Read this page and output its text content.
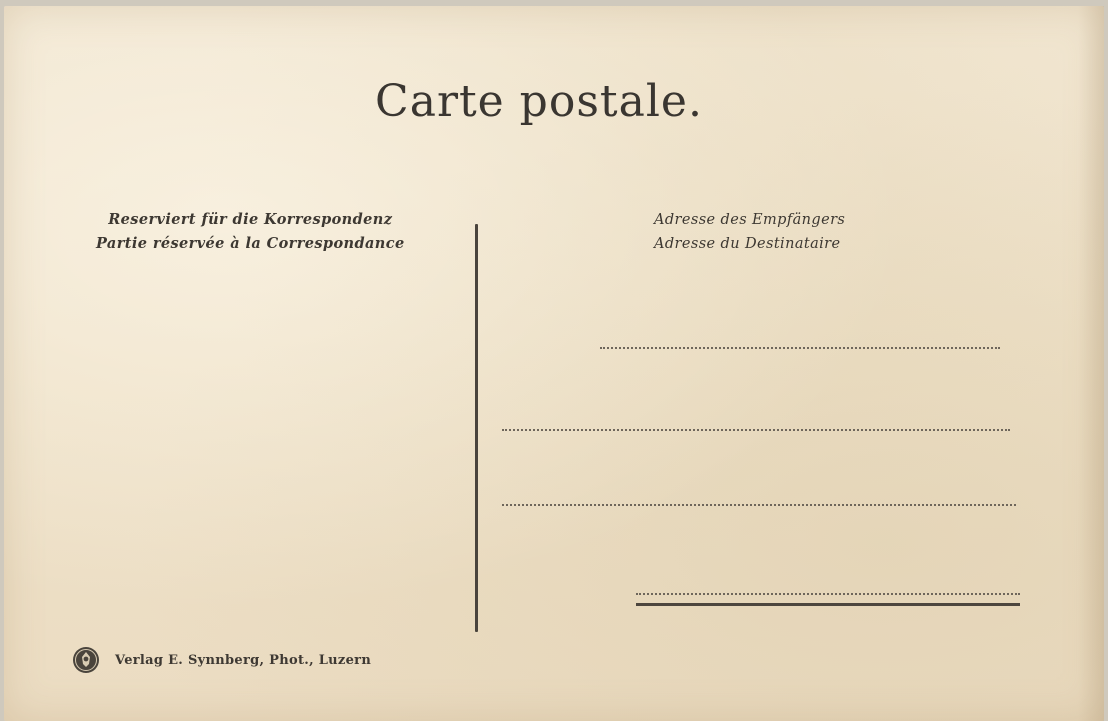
Carte postale.
Reserviert für die Korrespondenz
Partie réservée à la Correspondance
Adresse des Empfängers
Adresse du Destinataire
Verlag E. Synnberg, Phot., Luzern
